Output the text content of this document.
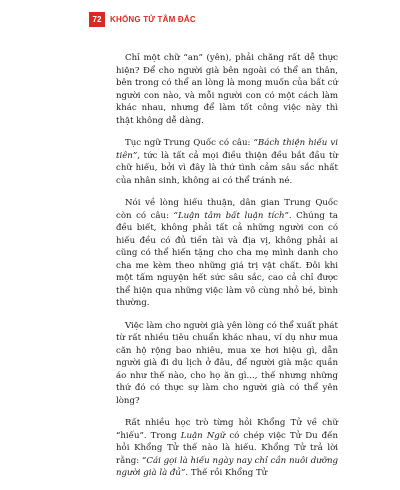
72	KHỔNG TỬ TÂM ĐẮC

Chỉ một chữ “an” (yên), phải chăng rất dễ thực hiện? Để cho người già bên ngoài có thể an thân, bên trong có thể an lòng là mong muốn của bất cứ người con nào, và mỗi người con có một cách làm khác nhau, nhưng để làm tốt công việc này thì thật không dễ dàng.

Tục ngữ Trung Quốc có câu: “Bách thiện hiếu vi tiên”, tức là tất cả mọi điều thiện đều bắt đầu từ chữ hiếu, bởi vì đây là thứ tình cảm sâu sắc nhất của nhân sinh, không ai có thể tránh né.

Nói về lòng hiếu thuận, dân gian Trung Quốc còn có câu: “Luận tâm bất luận tích”. Chúng ta đều biết, không phải tất cả những người con có hiếu đều có đủ tiền tài và địa vị, không phải ai cũng có thể hiến tặng cho cha mẹ mình danh cho cha me kèm theo những giá trị vật chất. Đôi khi một tấm nguyện hết sức sâu sắc, cao cả chỉ được thể hiện qua những việc làm vô cùng nhỏ bé, bình thường.

Việc làm cho người già yên lòng có thể xuất phát từ rất nhiều tiêu chuẩn khác nhau, ví dụ như mua căn hộ rộng bao nhiêu, mua xe hơi hiệu gì, dẫn người già đi du lịch ở đâu, để người già mặc quần áo như thế nào, cho họ ăn gì..., thế nhưng những thứ đó có thực sự làm cho người già có thể yên lòng?

Rất nhiều học trò từng hỏi Khổng Tử về chữ “hiếu”. Trong Luận Ngữ có chép việc Tử Du đến hỏi Khổng Tử thế nào là hiếu. Khổng Tử trả lời rằng: “Cái gọi là hiếu ngày nay chỉ cần nuôi dưỡng người già là đủ”. Thế rồi Khổng Tử
